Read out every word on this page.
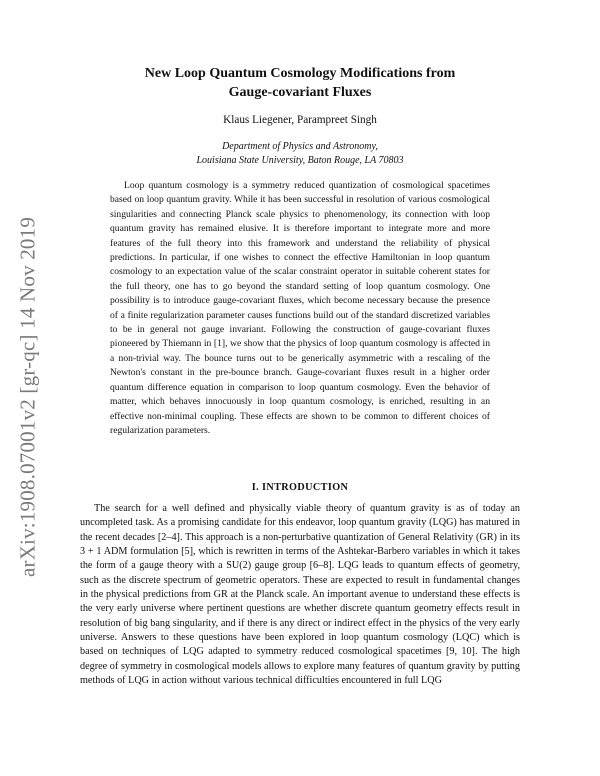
arXiv:1908.07001v2 [gr-qc] 14 Nov 2019
New Loop Quantum Cosmology Modifications from
Gauge-covariant Fluxes
Klaus Liegener, Parampreet Singh
Department of Physics and Astronomy,
Louisiana State University, Baton Rouge, LA 70803

Loop quantum cosmology is a symmetry reduced quantization of cosmological spacetimes based on loop quantum gravity. While it has been successful in resolution of various cosmological singularities and connecting Planck scale physics to phenomenology, its connection with loop quantum gravity has remained elusive. It is therefore important to integrate more and more features of the full theory into this framework and understand the reliability of physical predictions. In particular, if one wishes to connect the effective Hamiltonian in loop quantum cosmology to an expectation value of the scalar constraint operator in suitable coherent states for the full theory, one has to go beyond the standard setting of loop quantum cosmology. One possibility is to introduce gauge-covariant fluxes, which become necessary because the presence of a finite regularization parameter causes functions build out of the standard discretized variables to be in general not gauge invariant. Following the construction of gauge-covariant fluxes pioneered by Thiemann in [1], we show that the physics of loop quantum cosmology is affected in a non-trivial way. The bounce turns out to be generically asymmetric with a rescaling of the Newton's constant in the pre-bounce branch. Gauge-covariant fluxes result in a higher order quantum difference equation in comparison to loop quantum cosmology. Even the behavior of matter, which behaves innocuously in loop quantum cosmology, is enriched, resulting in an effective non-minimal coupling. These effects are shown to be common to different choices of regularization parameters.

I. INTRODUCTION

The search for a well defined and physically viable theory of quantum gravity is as of today an uncompleted task. As a promising candidate for this endeavor, loop quantum gravity (LQG) has matured in the recent decades [2–4]. This approach is a non-perturbative quantization of General Relativity (GR) in its 3 + 1 ADM formulation [5], which is rewritten in terms of the Ashtekar-Barbero variables in which it takes the form of a gauge theory with a SU(2) gauge group [6–8]. LQG leads to quantum effects of geometry, such as the discrete spectrum of geometric operators. These are expected to result in fundamental changes in the physical predictions from GR at the Planck scale. An important avenue to understand these effects is the very early universe where pertinent questions are whether discrete quantum geometry effects result in resolution of big bang singularity, and if there is any direct or indirect effect in the physics of the very early universe. Answers to these questions have been explored in loop quantum cosmology (LQC) which is based on techniques of LQG adapted to symmetry reduced cosmological spacetimes [9, 10]. The high degree of symmetry in cosmological models allows to explore many features of quantum gravity by putting methods of LQG in action without various technical difficulties encountered in full LQG
